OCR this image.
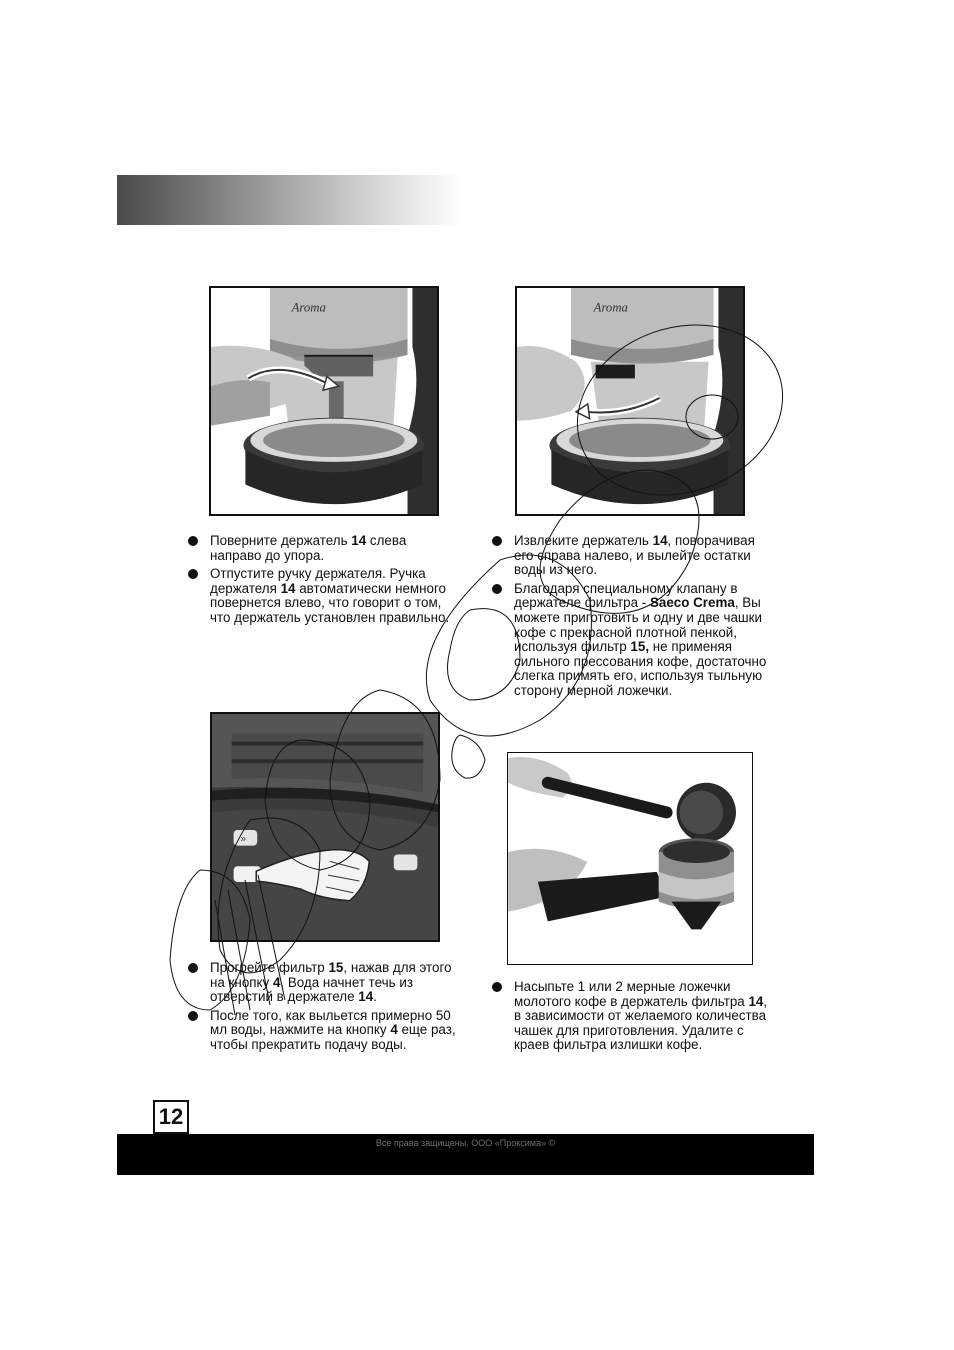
Aroma	Aroma
Поверните держатель 14 слева направо до упора.
Отпустите ручку держателя. Ручка держателя 14 автоматически немного повернется влево, что говорит о том, что держатель установлен правильно.
Извлеките держатель 14, поворачивая его справа налево, и вылейте остатки воды из него.
Благодаря специальному клапану в держателе фильтра - Saeco Crema, Вы можете приготовить и одну и две чашки кофе с прекрасной плотной пенкой, используя фильтр 15, не применяя сильного прессования кофе, достаточно слегка примять его, используя тыльную сторону мерной ложечки.
»
Прогрейте фильтр 15, нажав для этого на кнопку 4. Вода начнет течь из отверстий в держателе 14.
После того, как выльется примерно 50 мл воды, нажмите на кнопку 4 еще раз, чтобы прекратить подачу воды.
Насыпьте 1 или 2 мерные ложечки молотого кофе в держатель фильтра 14, в зависимости от желаемого количества чашек для приготовления. Удалите с краев фильтра излишки кофе.
12
Все права защищены. ООО «Проксима» ©
